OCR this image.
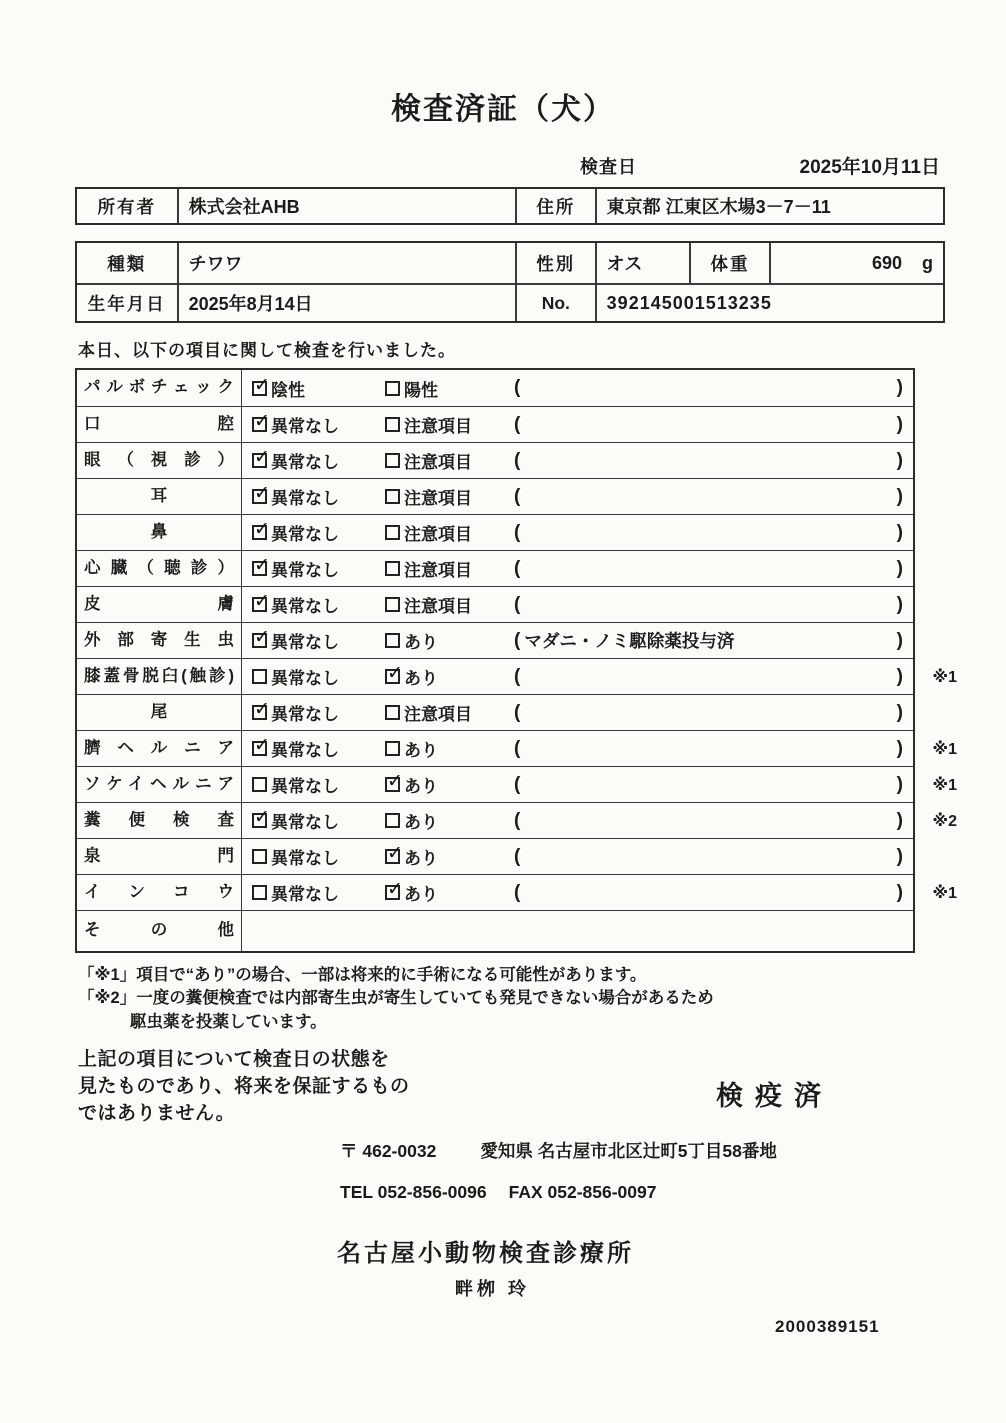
検査済証（犬）
検査日	2025年10月11日
所有者	株式会社AHB	住所	東京都 江東区木場3－7－11
種類	チワワ	性別	オス	体重	690 g
生年月日	2025年8月14日	No.	392145001513235
本日、以下の項目に関して検査を行いました。
パルボチェック ✓	陰性	陽性	(	)
口腔 ✓	異常なし	注意項目 (	)
眼（視診） ✓	異常なし	注意項目 (	)
耳 ✓	異常なし	注意項目 (	)
鼻 ✓	異常なし	注意項目 (	)
心臓（聴診） ✓	異常なし	注意項目 (	)
皮膚 ✓	異常なし	注意項目 (	)
外部寄生虫 ✓	異常なし	あり	( マダニ・ノミ駆除薬投与済	)
膝蓋骨脱臼(触診)	異常なし ✓	あり	(	) ※1
尾 ✓	異常なし	注意項目 (	)
臍ヘルニア ✓	異常なし	あり	(	) ※1
ソケイヘルニア	異常なし ✓	あり	(	) ※1
糞便検査 ✓	異常なし	あり	(	) ※2
泉門	異常なし ✓	あり	(	)
インコウ	異常なし ✓	あり	(	) ※1
その他
「※1」項目で“あり”の場合、一部は将来的に手術になる可能性があります。
「※2」一度の糞便検査では内部寄生虫が寄生していても発見できない場合があるため
駆虫薬を投薬しています。
上記の項目について検査日の状態を
見たものであり、将来を保証するもの
ではありません。
検疫済
〒 462-0032	愛知県 名古屋市北区辻町5丁目58番地
TEL 052-856-0096 FAX 052-856-0097
名古屋小動物検査診療所
畔栁 玲
2000389151
